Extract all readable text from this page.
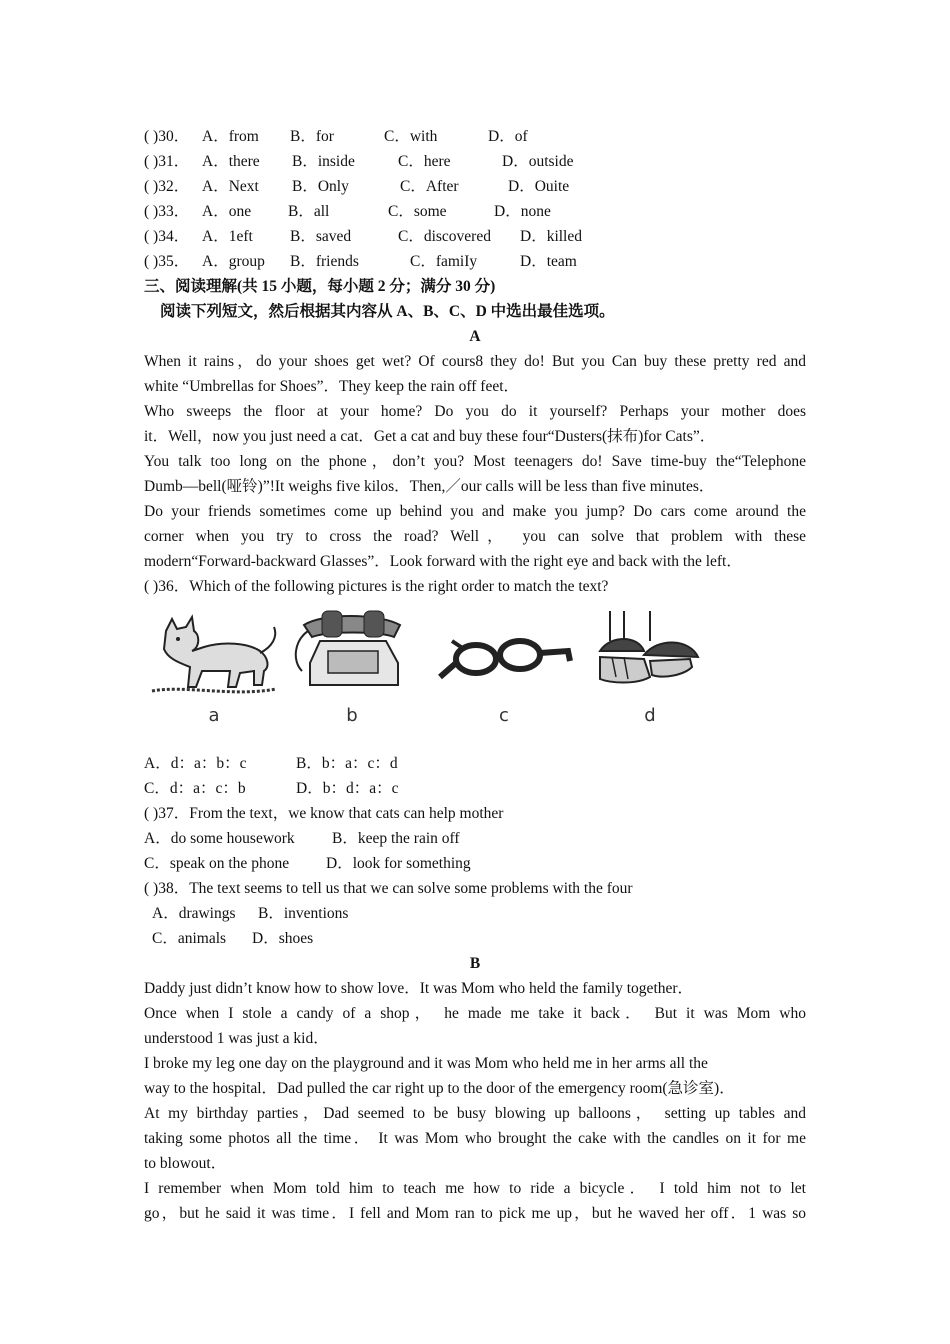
( )30． A．from B．for	C．with	D．of
( )31． A．there B．inside	C．here	D．outside
( )32． A．Next B．Only	C．After	D．Ouite
( )33． A．one B．all	C．some	D．none
( )34． A．1eft B．saved	C．discovered D．killed
( )35． A．group B．friends	C．famiIy	D．team
三、阅读理解(共 15 小题，每小题 2 分；满分 30 分)
阅读下列短文，然后根据其内容从 A、B、C、D 中选出最佳选项。
A
When it rains，do your shoes get wet? Of cours8 they do! But you Can buy these pretty red and
white “Umbrellas for Shoes”．They keep the rain off feet．
Who sweeps the floor at your home? Do you do it yourself? Perhaps your mother does
it．Well，now you just need a cat．Get a cat and buy these four“Dusters(抹布)for Cats”．
You talk too long on the phone，don’t you? Most teenagers do! Save time-buy the“Telephone
Dumb—bell(哑铃)”!It weighs five kilos．Then,／our calls will be less than five minutes．
Do your friends sometimes come up behind you and make you jump? Do cars come around the
corner when you try to cross the road? Well， you can solve that problem with these
modern“Forward-backward Glasses”．Look forward with the right eye and back with the left．
( )36．Which of the following pictures is the right order to match the text?
a	b	c	d
A．d：a：b：c	B．b：a：c：d
C．d：a：c：b	D．b：d：a：c
( )37．From the text，we know that cats can help mother
A．do some housework B．keep the rain off
C．speak on the phone D．look for something
( )38．The text seems to tell us that we can solve some problems with the four
A．drawings B．inventions
C．animals D．shoes
B
Daddy just didn’t know how to show love．It was Mom who held the family together．
Once when I stole a candy of a shop， he made me take it back． But it was Mom who
understood 1 was just a kid．
I broke my leg one day on the playground and it was Mom who held me in her arms all the
way to the hospital．Dad pulled the car right up to the door of the emergency room(急诊室)．
At my birthday parties，Dad seemed to be busy blowing up balloons， setting up tables and
taking some photos all the time． It was Mom who brought the cake with the candles on it for me
to blowout．
I remember when Mom told him to teach me how to ride a bicycle． I told him not to let
go，but he said it was time．I fell and Mom ran to pick me up，but he waved her off．1 was so
